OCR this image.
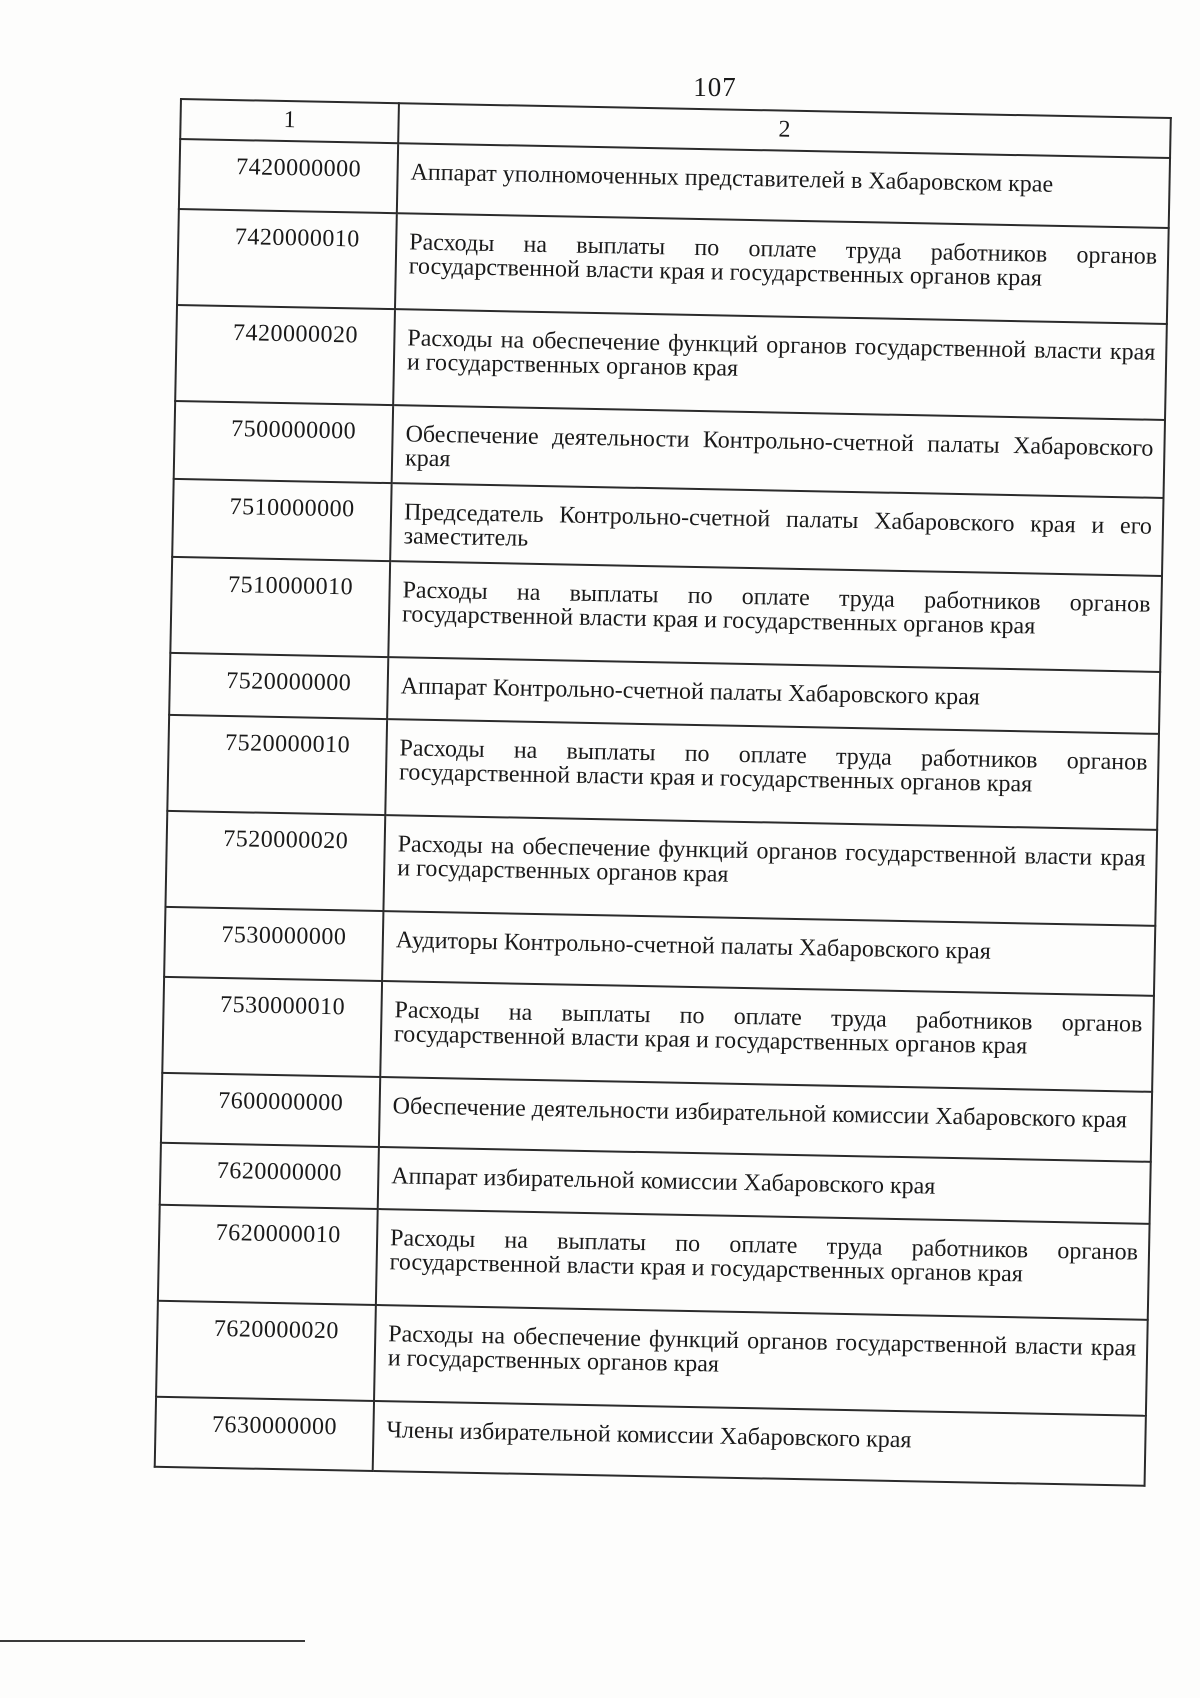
107
1	2
7420000000	Аппарат уполномоченных представителей в Хабаровском крае
7420000010	Расходы на выплаты по оплате труда работников органов государственной власти края и государственных органов края
7420000020	Расходы на обеспечение функций органов государственной власти края и государственных органов края
7500000000	Обеспечение деятельности Контрольно-счетной палаты Хабаровского края
7510000000	Председатель Контрольно-счетной палаты Хабаровского края и его заместитель
7510000010	Расходы на выплаты по оплате труда работников органов государственной власти края и государственных органов края
7520000000	Аппарат Контрольно-счетной палаты Хабаровского края
7520000010	Расходы на выплаты по оплате труда работников органов государственной власти края и государственных органов края
7520000020	Расходы на обеспечение функций органов государственной власти края и государственных органов края
7530000000	Аудиторы Контрольно-счетной палаты Хабаровского края
7530000010	Расходы на выплаты по оплате труда работников органов государственной власти края и государственных органов края
7600000000	Обеспечение деятельности избирательной комиссии Хабаровского края
7620000000	Аппарат избирательной комиссии Хабаровского края
7620000010	Расходы на выплаты по оплате труда работников органов государственной власти края и государственных органов края
7620000020	Расходы на обеспечение функций органов государственной власти края и государственных органов края
7630000000	Члены избирательной комиссии Хабаровского края
